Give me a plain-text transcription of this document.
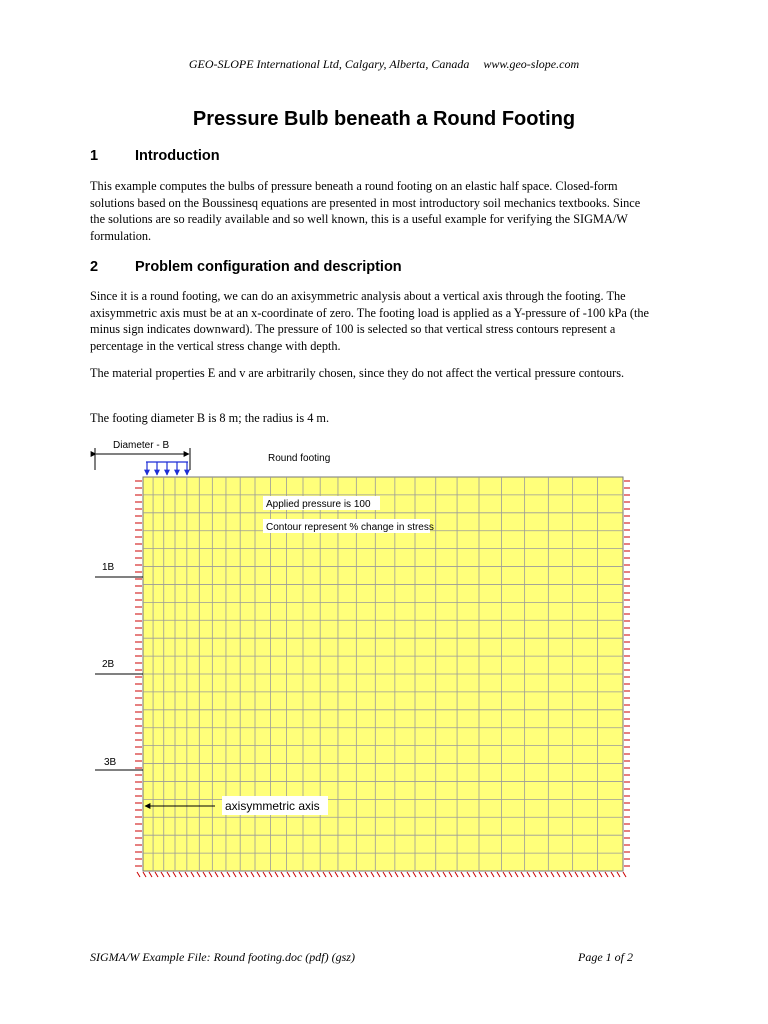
GEO-SLOPE International Ltd, Calgary, Alberta, Canada www.geo-slope.com
Pressure Bulb beneath a Round Footing
1	Introduction

This example computes the bulbs of pressure beneath a round footing on an elastic half space. Closed-form solutions based on the Boussinesq equations are presented in most introductory soil mechanics textbooks. Since the solutions are so readily available and so well known, this is a useful example for verifying the SIGMA/W formulation.

2	Problem configuration and description

Since it is a round footing, we can do an axisymmetric analysis about a vertical axis through the footing. The axisymmetric axis must be at an x-coordinate of zero. The footing load is applied as a Y-pressure of -100 kPa (the minus sign indicates downward). The pressure of 100 is selected so that vertical stress contours represent a percentage in the vertical stress change with depth.

The material properties E and v are arbitrarily chosen, since they do not affect the vertical pressure contours.

The footing diameter B is 8 m; the radius is 4 m.

Diameter - B
Round footing
Applied pressure is 100
Contour represent % change in stress
1B
2B
3B
axisymmetric axis
SIGMA/W Example File: Round footing.doc (pdf) (gsz)	Page 1 of 2
